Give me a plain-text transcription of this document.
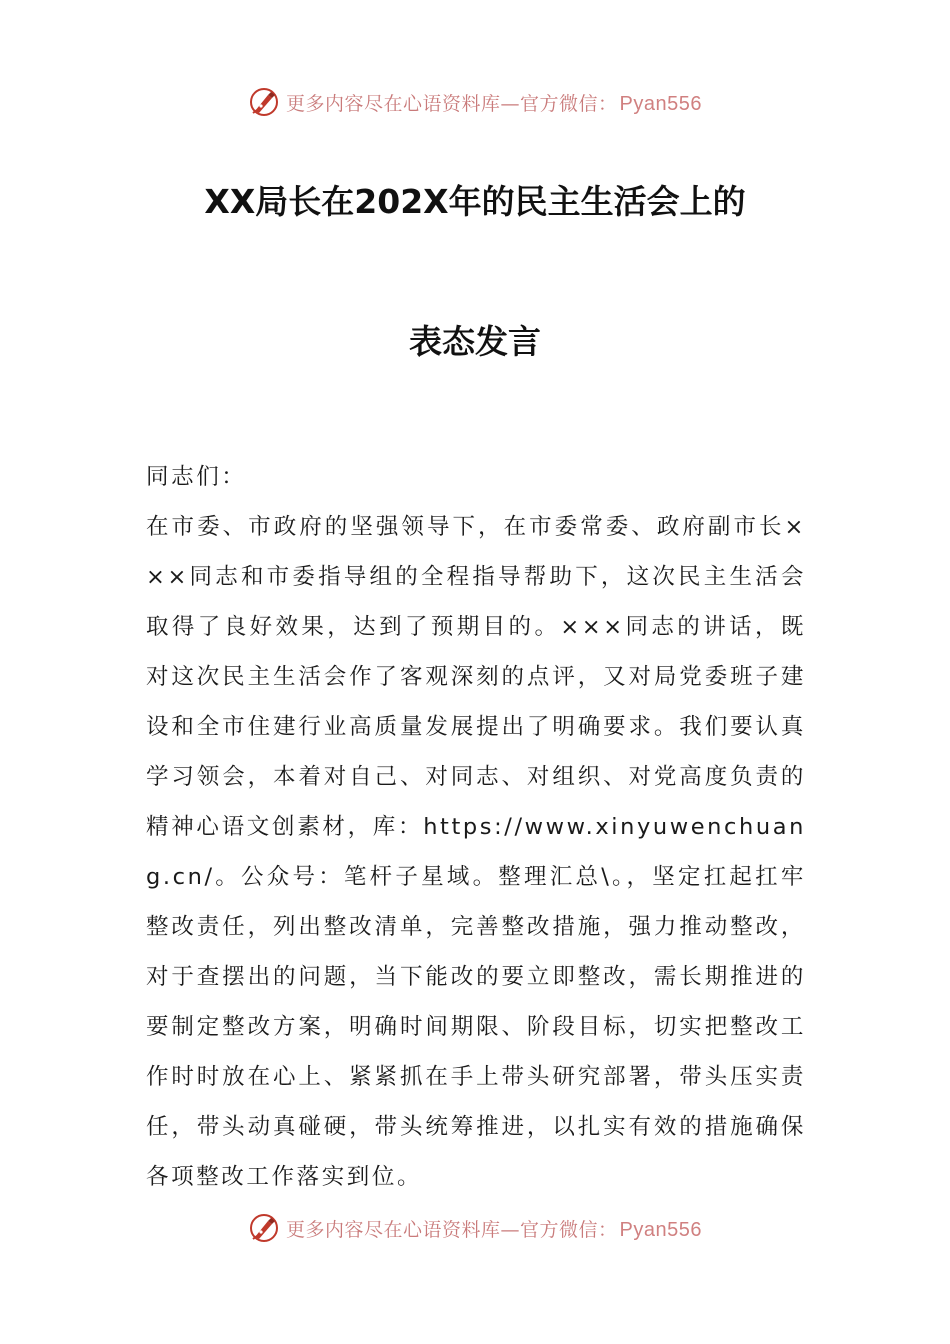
更多内容尽在心语资料库—官方微信： Pyan556
XX局长在202X年的民主生活会上的
表态发言

同志们：

在市委、市政府的坚强领导下，在市委常委、政府副市长×××同志和市委指导组的全程指导帮助下，这次民主生活会取得了良好效果，达到了预期目的。×××同志的讲话，既对这次民主生活会作了客观深刻的点评，又对局党委班子建设和全市住建行业高质量发展提出了明确要求。我们要认真学习领会，本着对自己、对同志、对组织、对党高度负责的精神心语文创素材，库：https://www.xinyuwenchuang.cn/。公众号：笔杆子星域。整理汇总\。，坚定扛起扛牢整改责任，列出整改清单，完善整改措施，强力推动整改，对于查摆出的问题，当下能改的要立即整改，需长期推进的要制定整改方案，明确时间期限、阶段目标，切实把整改工作时时放在心上、紧紧抓在手上带头研究部署，带头压实责任，带头动真碰硬，带头统筹推进，以扎实有效的措施确保各项整改工作落实到位。

更多内容尽在心语资料库—官方微信： Pyan556
